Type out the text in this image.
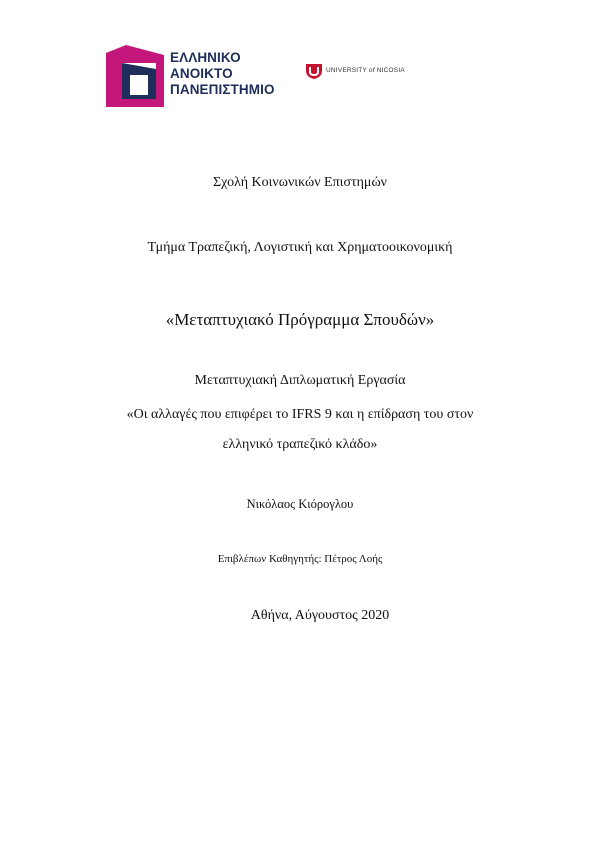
ΕΛΛΗΝΙΚΟ
ΑΝΟΙΚΤΟ
ΠΑΝΕΠΙΣΤΗΜΙΟ
UNIVERSITY of NICOSIA
Σχολή Κοινωνικών Επιστημών
Τμήμα Τραπεζική, Λογιστική και Χρηματοοικονομική
«Μεταπτυχιακό Πρόγραμμα Σπουδών»
Μεταπτυχιακή Διπλωματική Εργασία
«Οι αλλαγές που επιφέρει το IFRS 9 και η επίδραση του στον
ελληνικό τραπεζικό κλάδο»
Νικόλαος Κιόρογλου
Επιβλέπων Καθηγητής: Πέτρος Λοής
Αθήνα, Αύγουστος 2020
